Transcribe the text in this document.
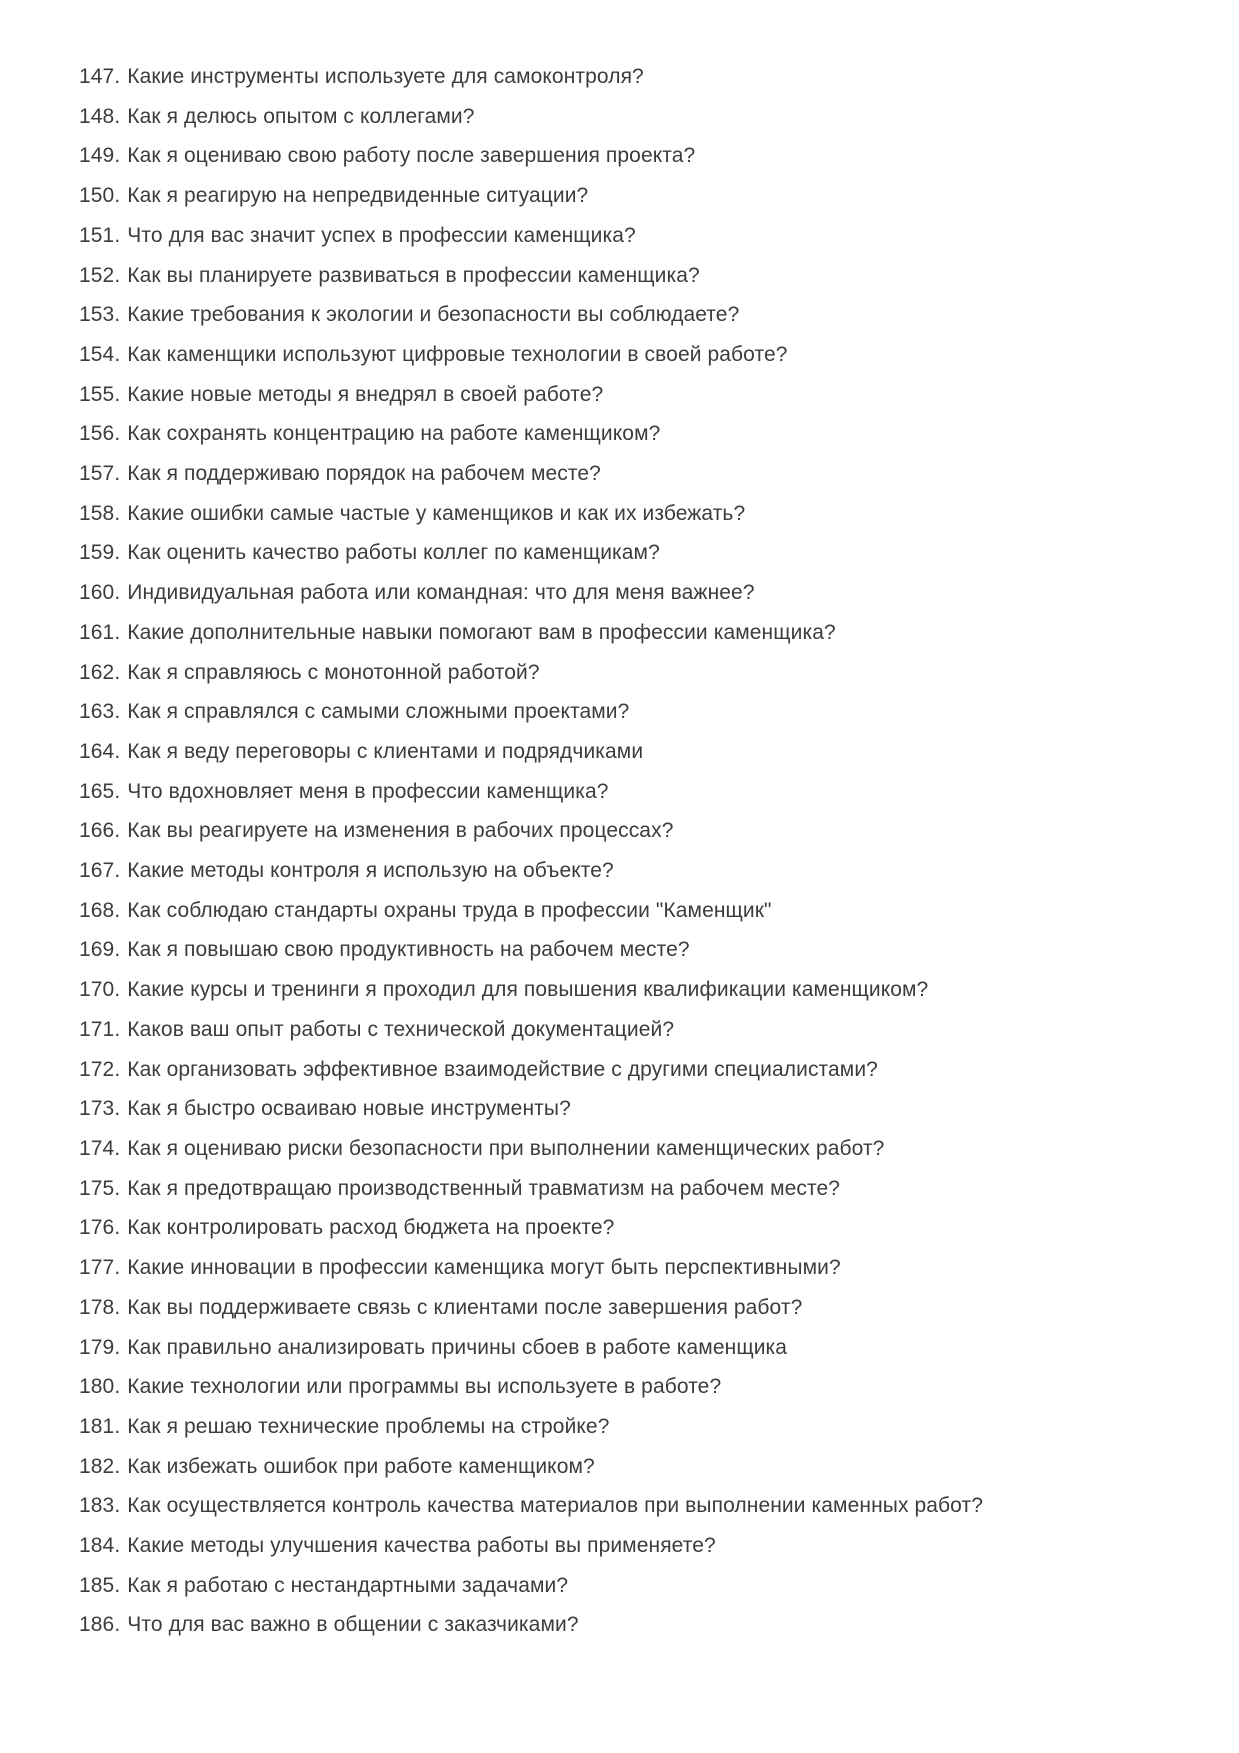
147. Какие инструменты используете для самоконтроля?
148. Как я делюсь опытом с коллегами?
149. Как я оцениваю свою работу после завершения проекта?
150. Как я реагирую на непредвиденные ситуации?
151. Что для вас значит успех в профессии каменщика?
152. Как вы планируете развиваться в профессии каменщика?
153. Какие требования к экологии и безопасности вы соблюдаете?
154. Как каменщики используют цифровые технологии в своей работе?
155. Какие новые методы я внедрял в своей работе?
156. Как сохранять концентрацию на работе каменщиком?
157. Как я поддерживаю порядок на рабочем месте?
158. Какие ошибки самые частые у каменщиков и как их избежать?
159. Как оценить качество работы коллег по каменщикам?
160. Индивидуальная работа или командная: что для меня важнее?
161. Какие дополнительные навыки помогают вам в профессии каменщика?
162. Как я справляюсь с монотонной работой?
163. Как я справлялся с самыми сложными проектами?
164. Как я веду переговоры с клиентами и подрядчиками
165. Что вдохновляет меня в профессии каменщика?
166. Как вы реагируете на изменения в рабочих процессах?
167. Какие методы контроля я использую на объекте?
168. Как соблюдаю стандарты охраны труда в профессии "Каменщик"
169. Как я повышаю свою продуктивность на рабочем месте?
170. Какие курсы и тренинги я проходил для повышения квалификации каменщиком?
171. Каков ваш опыт работы с технической документацией?
172. Как организовать эффективное взаимодействие с другими специалистами?
173. Как я быстро осваиваю новые инструменты?
174. Как я оцениваю риски безопасности при выполнении каменщических работ?
175. Как я предотвращаю производственный травматизм на рабочем месте?
176. Как контролировать расход бюджета на проекте?
177. Какие инновации в профессии каменщика могут быть перспективными?
178. Как вы поддерживаете связь с клиентами после завершения работ?
179. Как правильно анализировать причины сбоев в работе каменщика
180. Какие технологии или программы вы используете в работе?
181. Как я решаю технические проблемы на стройке?
182. Как избежать ошибок при работе каменщиком?
183. Как осуществляется контроль качества материалов при выполнении каменных работ?
184. Какие методы улучшения качества работы вы применяете?
185. Как я работаю с нестандартными задачами?
186. Что для вас важно в общении с заказчиками?
